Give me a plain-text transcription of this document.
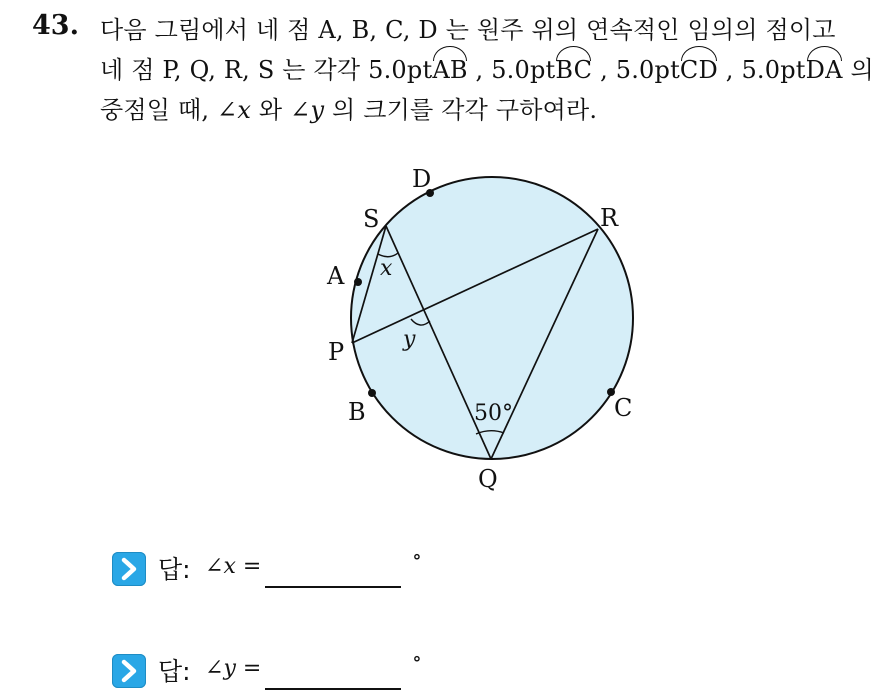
43. 다음 그림에서 네 점 A, B, C, D 는 원주 위의 연속적인 임의의 점이고
네 점 P, Q, R, S 는 각각 5.0ptAB , 5.0ptBC , 5.0ptCD , 5.0ptDA 의
중점일 때, ∠x 와 ∠y 의 크기를 각각 구하여라.
D
S	R
A
P
B	C
Q
x
y
50°
답: ∠x =	∘
답: ∠y =	∘
